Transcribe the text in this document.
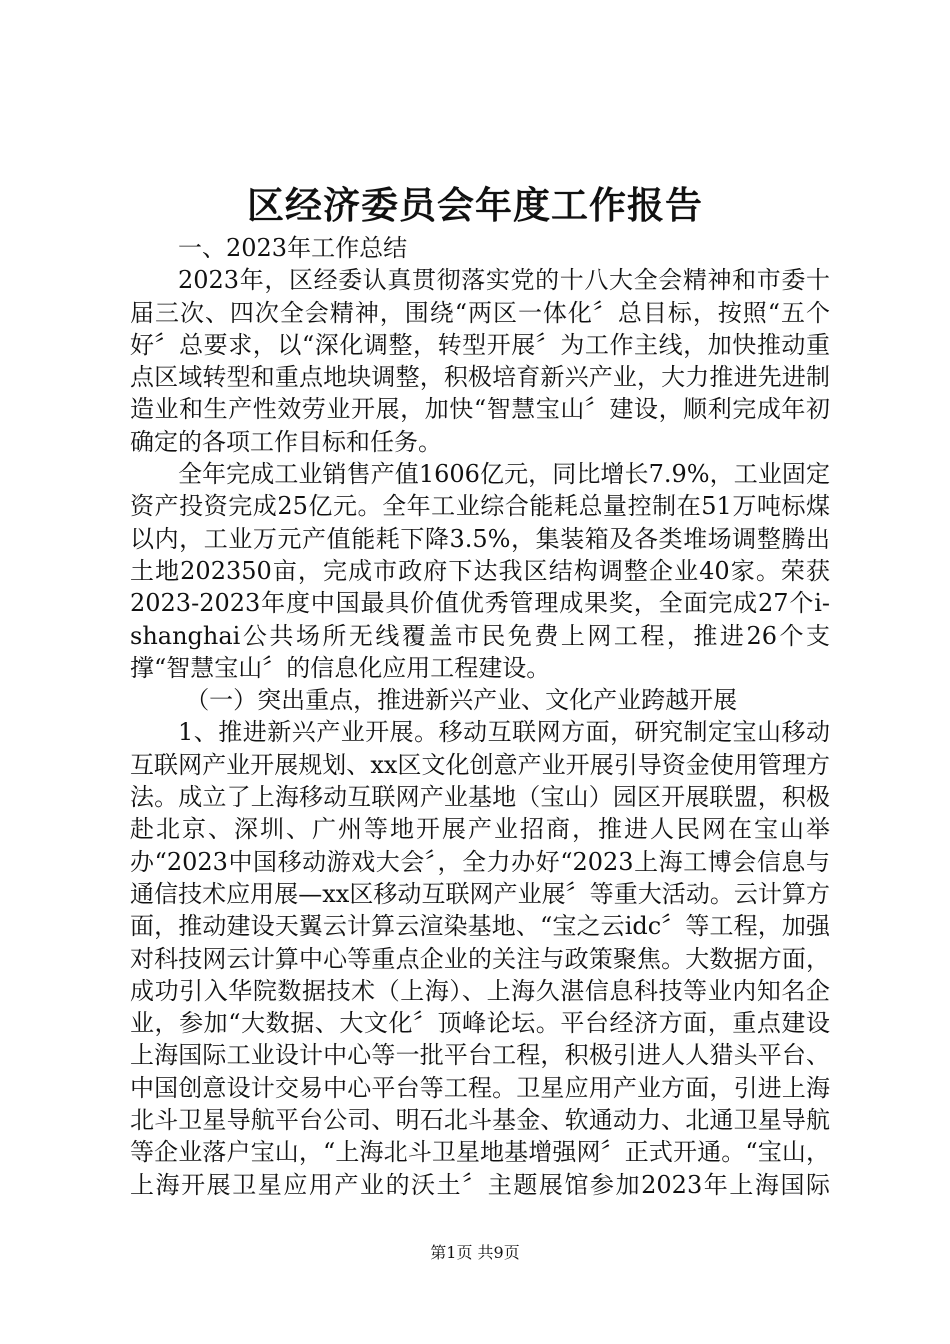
区经济委员会年度工作报告

一、2023年工作总结

2023年，区经委认真贯彻落实党的十八大全会精神和市委十届三次、四次全会精神，围绕“两区一体化〞总目标，按照“五个好〞总要求，以“深化调整，转型开展〞为工作主线，加快推动重点区域转型和重点地块调整，积极培育新兴产业，大力推进先进制造业和生产性效劳业开展，加快“智慧宝山〞建设，顺利完成年初确定的各项工作目标和任务。

全年完成工业销售产值1606亿元，同比增长7.9%，工业固定资产投资完成25亿元。全年工业综合能耗总量控制在51万吨标煤以内，工业万元产值能耗下降3.5%，集装箱及各类堆场调整腾出土地202350亩，完成市政府下达我区结构调整企业40家。荣获2023-2023年度中国最具价值优秀管理成果奖，全面完成27个i-shanghai公共场所无线覆盖市民免费上网工程，推进26个支撑“智慧宝山〞的信息化应用工程建设。

（一）突出重点，推进新兴产业、文化产业跨越开展

1、推进新兴产业开展。移动互联网方面，研究制定宝山移动互联网产业开展规划、xx区文化创意产业开展引导资金使用管理方法。成立了上海移动互联网产业基地（宝山）园区开展联盟，积极赴北京、深圳、广州等地开展产业招商，推进人民网在宝山举办“2023中国移动游戏大会〞，全力办好“2023上海工博会信息与通信技术应用展—xx区移动互联网产业展〞等重大活动。云计算方面，推动建设天翼云计算云渲染基地、“宝之云idc〞等工程，加强对科技网云计算中心等重点企业的关注与政策聚焦。大数据方面，成功引入华院数据技术（上海）、上海久湛信息科技等业内知名企业，参加“大数据、大文化〞顶峰论坛。平台经济方面，重点建设上海国际工业设计中心等一批平台工程，积极引进人人猎头平台、中国创意设计交易中心平台等工程。卫星应用产业方面，引进上海北斗卫星导航平台公司、明石北斗基金、软通动力、北通卫星导航等企业落户宝山，“上海北斗卫星地基增强网〞正式开通。“宝山，上海开展卫星应用产业的沃土〞主题展馆参加2023年上海国际

第1页 共9页
